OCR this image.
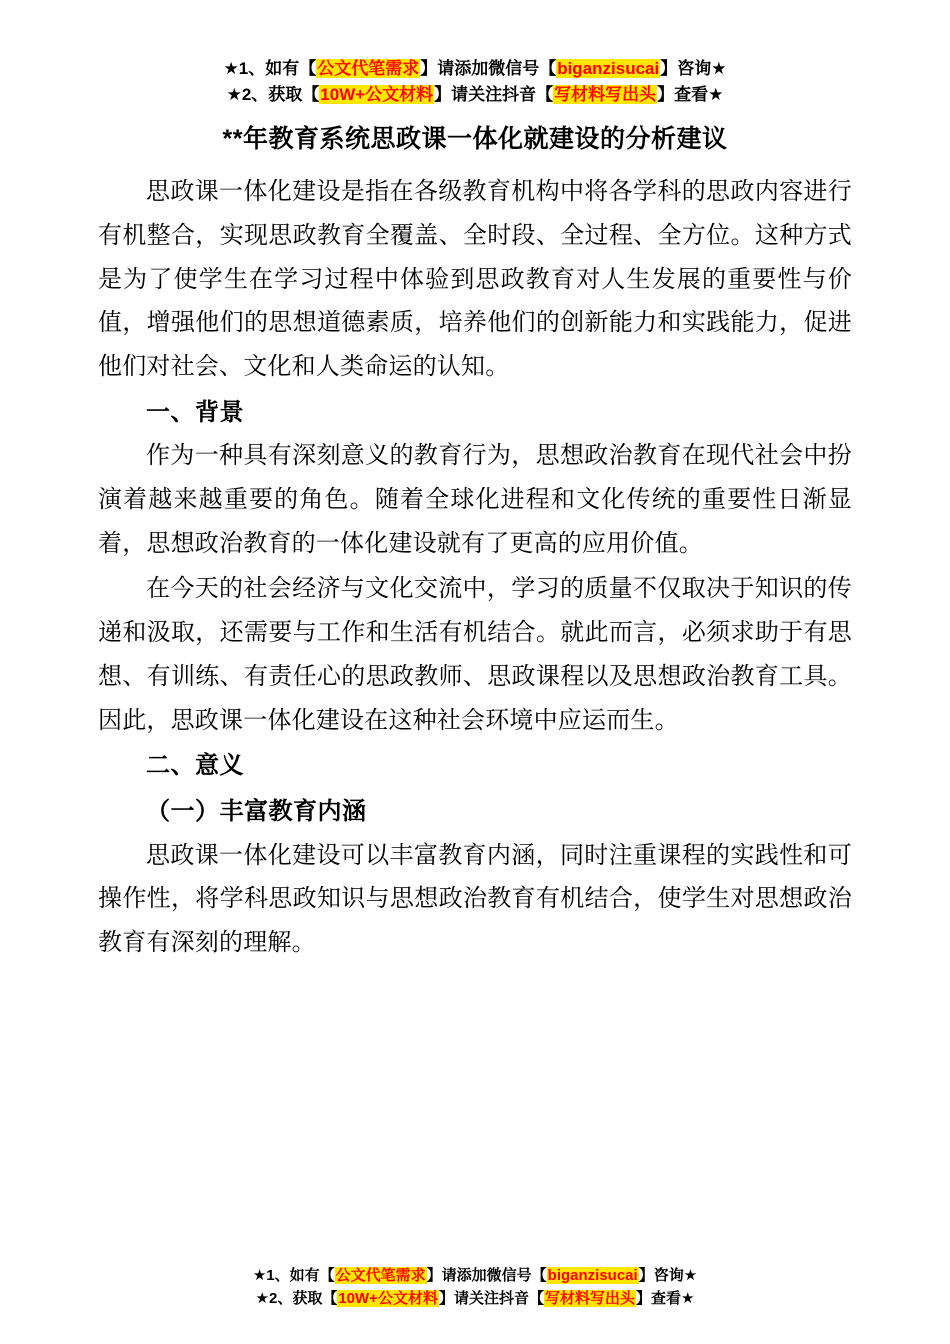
★1、如有【公文代笔需求】请添加微信号【biganzisucai】咨询★
★2、获取【10W+公文材料】请关注抖音【写材料写出头】查看★
**年教育系统思政课一体化就建设的分析建议

思政课一体化建设是指在各级教育机构中将各学科的思政内容进行有机整合，实现思政教育全覆盖、全时段、全过程、全方位。这种方式是为了使学生在学习过程中体验到思政教育对人生发展的重要性与价值，增强他们的思想道德素质，培养他们的创新能力和实践能力，促进他们对社会、文化和人类命运的认知。

一、背景

作为一种具有深刻意义的教育行为，思想政治教育在现代社会中扮演着越来越重要的角色。随着全球化进程和文化传统的重要性日渐显着，思想政治教育的一体化建设就有了更高的应用价值。

在今天的社会经济与文化交流中，学习的质量不仅取决于知识的传递和汲取，还需要与工作和生活有机结合。就此而言，必须求助于有思想、有训练、有责任心的思政教师、思政课程以及思想政治教育工具。因此，思政课一体化建设在这种社会环境中应运而生。

二、意义
（一）丰富教育内涵

思政课一体化建设可以丰富教育内涵，同时注重课程的实践性和可操作性，将学科思政知识与思想政治教育有机结合，使学生对思想政治教育有深刻的理解。

★1、如有【公文代笔需求】请添加微信号【biganzisucai】咨询★
★2、获取【10W+公文材料】请关注抖音【写材料写出头】查看★
